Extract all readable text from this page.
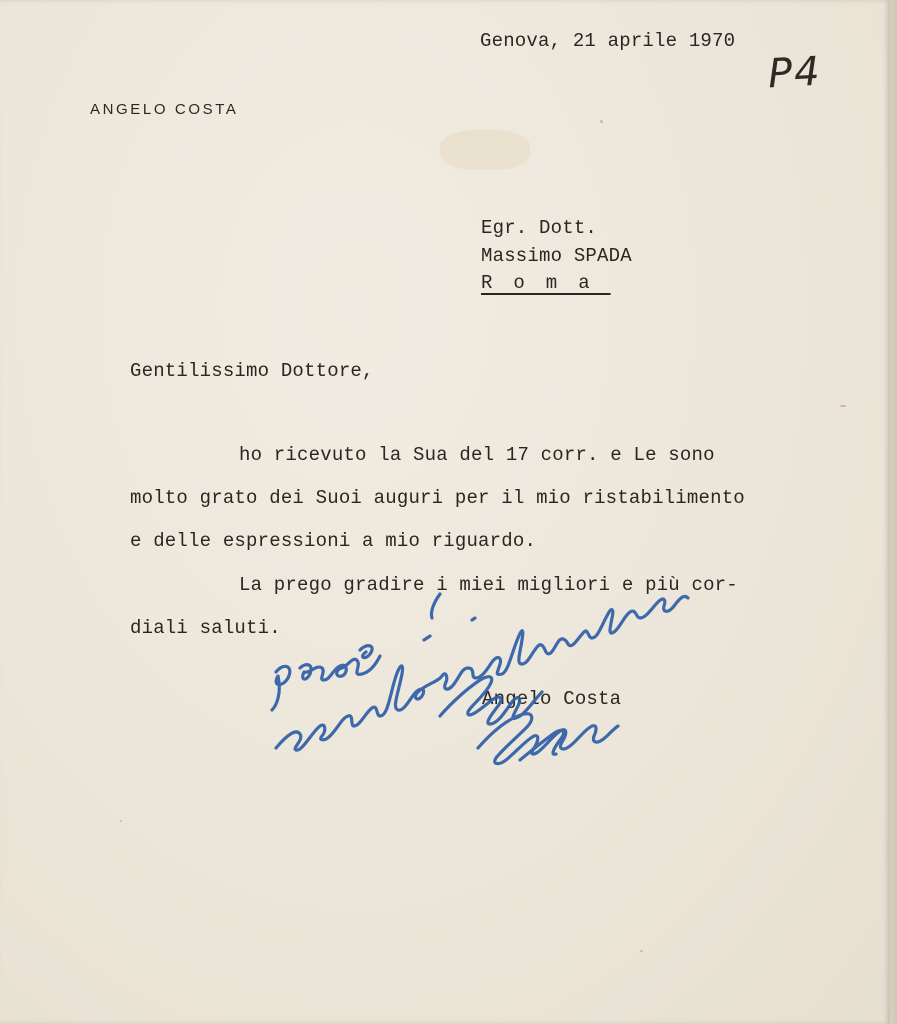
ANGELO COSTA
Genova, 21 aprile 1970
P4
Egr. Dott.
Massimo SPADA
Roma
Gentilissimo Dottore,
ho ricevuto la Sua del 17 corr. e Le sono
molto grato dei Suoi auguri per il mio ristabilimento
e delle espressioni a mio riguardo.
La prego gradire i miei migliori e più cor-
diali saluti.
Angelo Costa
